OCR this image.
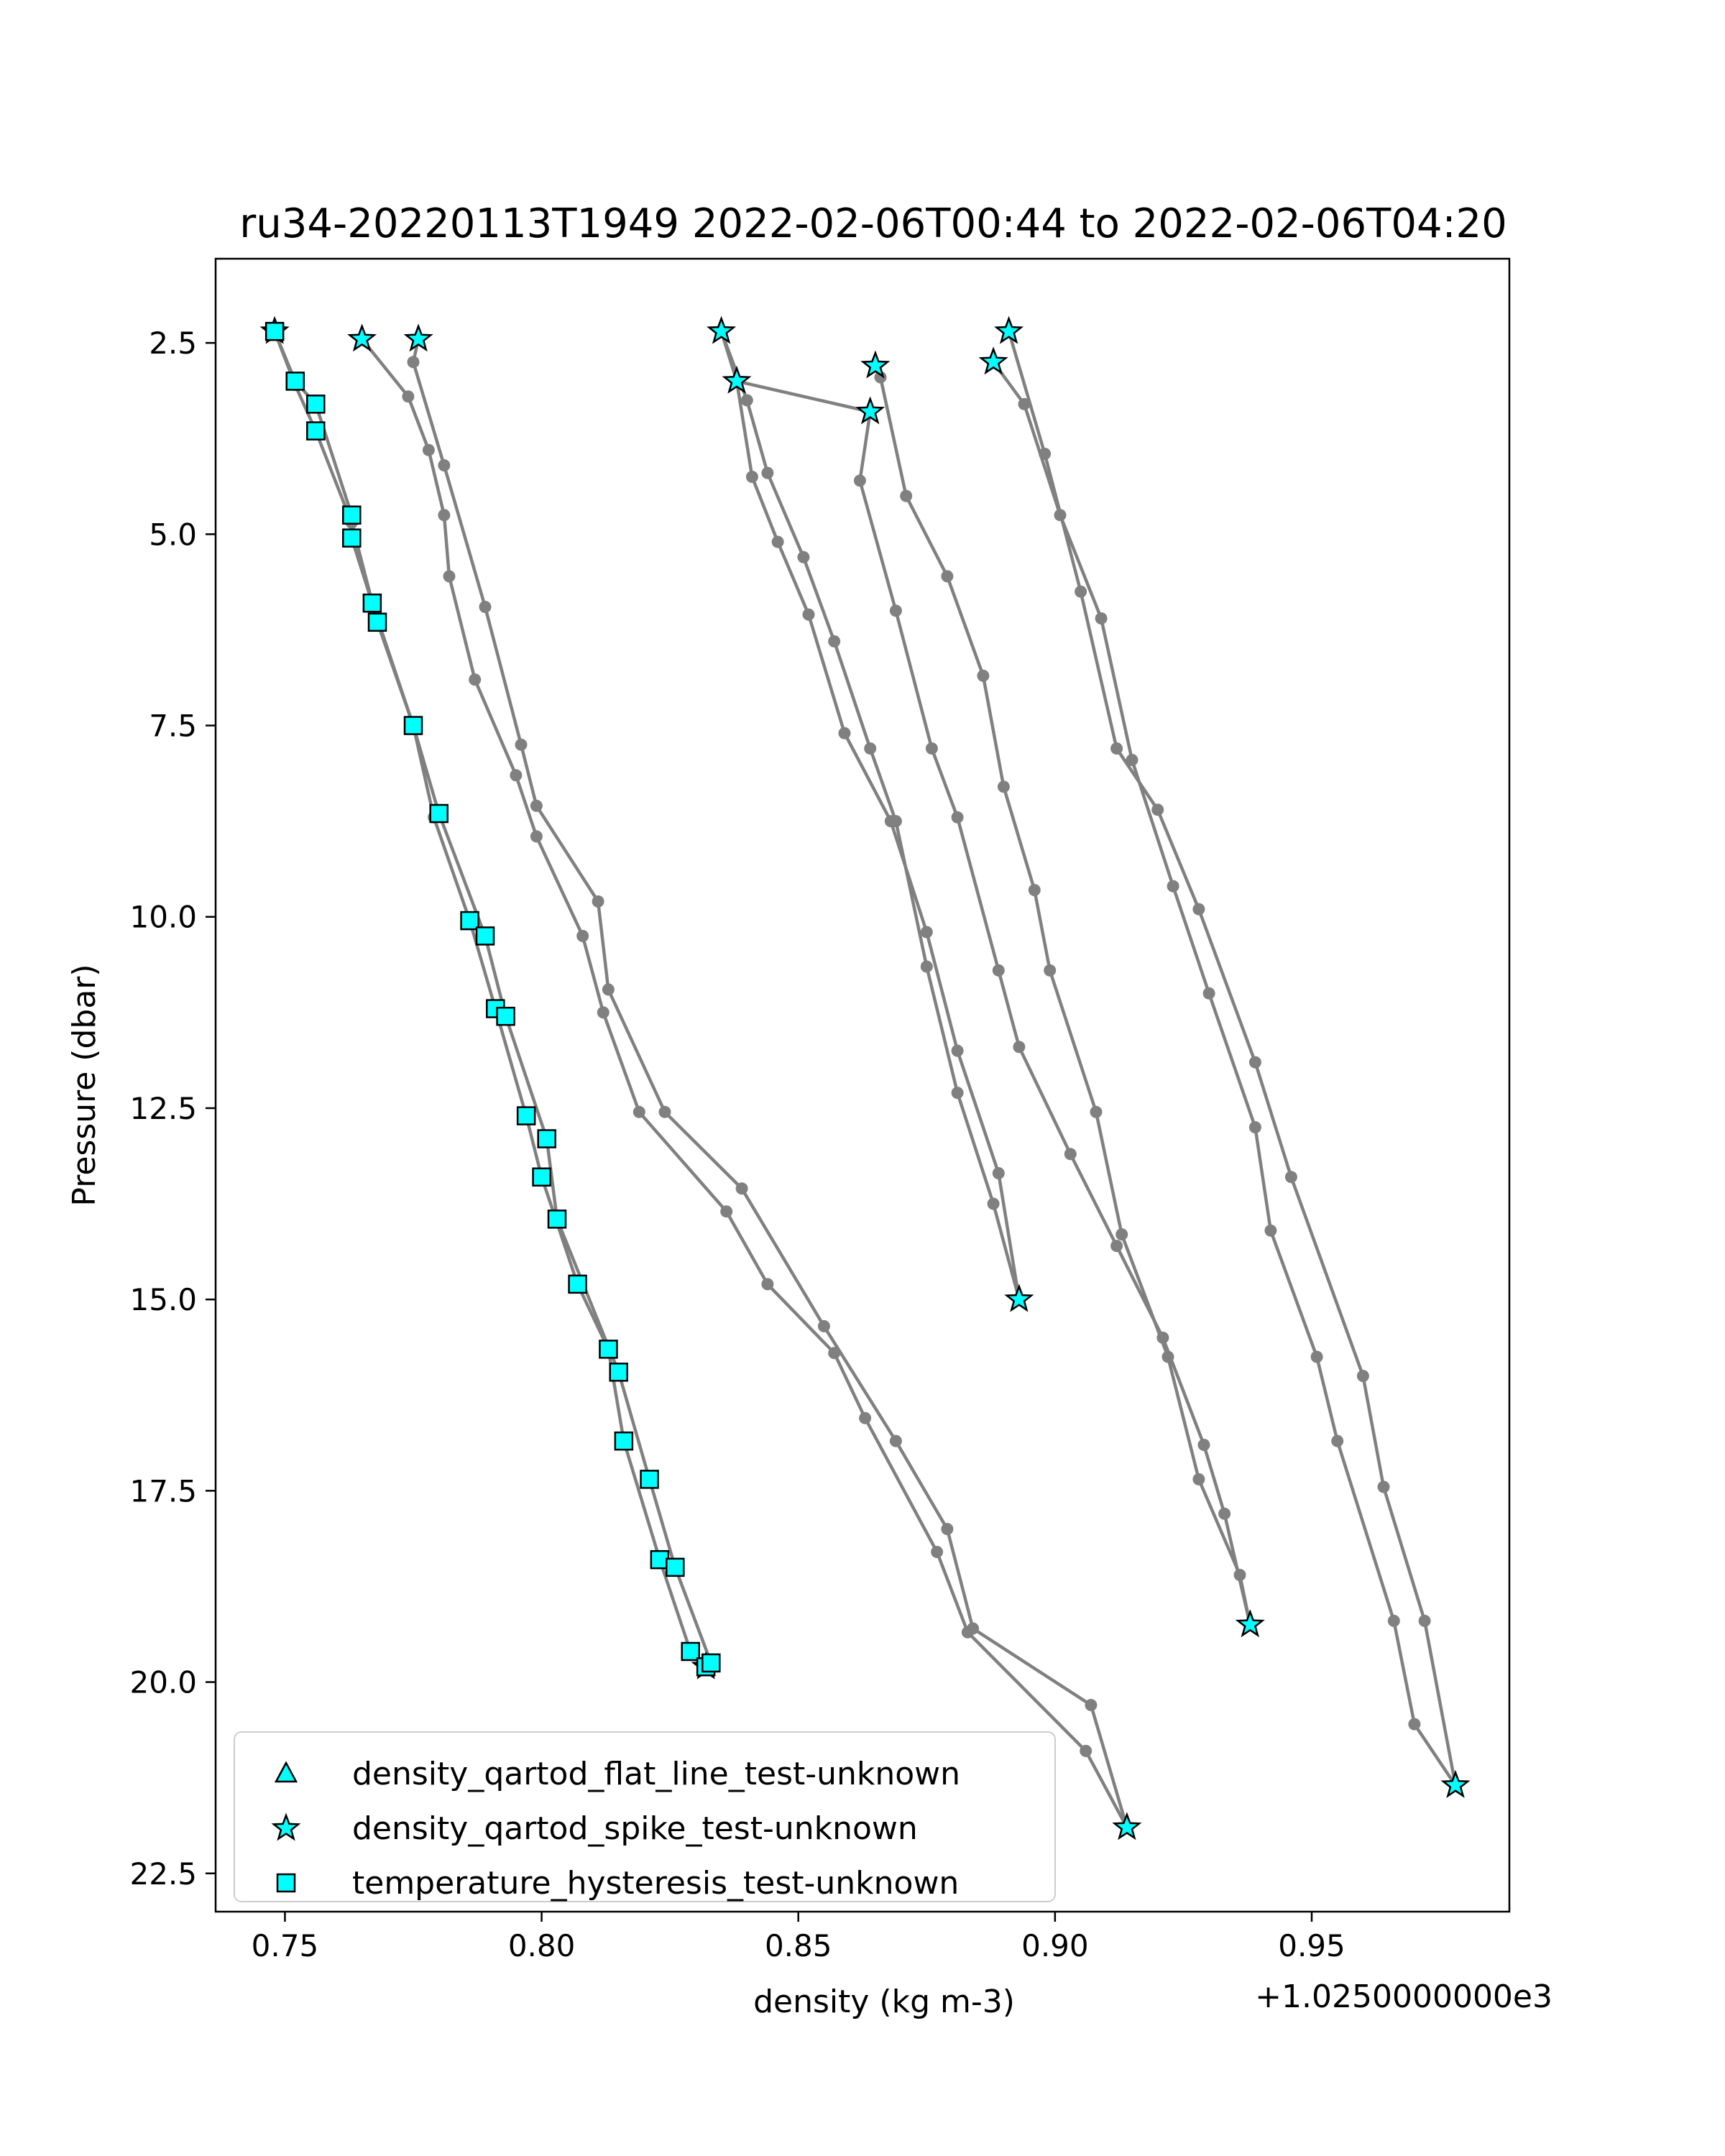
ru34-20220113T1949 2022-02-06T00:44 to 2022-02-06T04:20
0.75	0.80	0.85	0.90	0.95
2.5
5.0
7.5
10.0
12.5
15.0
17.5
20.0
22.5
density (kg m-3)	+1.0250000000e3
Pressure (dbar)
density_qartod_flat_line_test-unknown
density_qartod_spike_test-unknown
temperature_hysteresis_test-unknown
